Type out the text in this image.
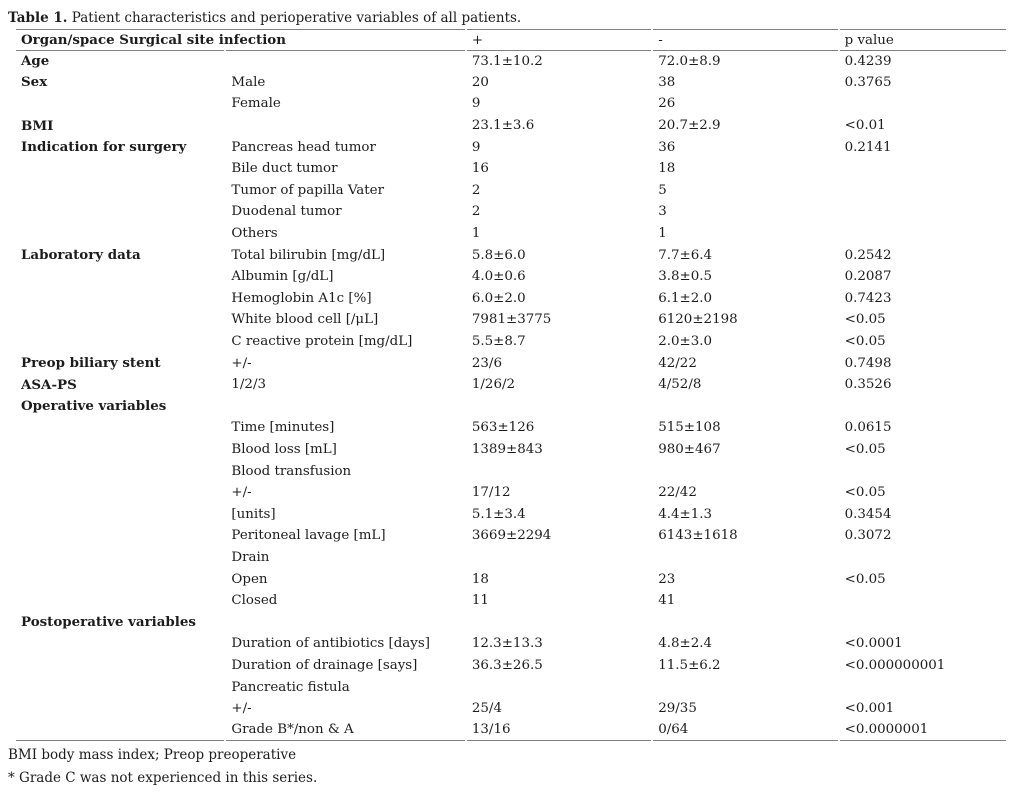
Table 1. Patient characteristics and perioperative variables of all patients.

Organ/space Surgical site infection		+	-	p value
Age		73.1±10.2	72.0±8.9	0.4239
Sex	Male	20	38	0.3765
	Female	9	26	
BMI		23.1±3.6	20.7±2.9	<0.01
Indication for surgery	Pancreas head tumor	9	36	0.2141
	Bile duct tumor	16	18	
	Tumor of papilla Vater	2	5	
	Duodenal tumor	2	3	
	Others	1	1	
Laboratory data	Total bilirubin [mg/dL]	5.8±6.0	7.7±6.4	0.2542
	Albumin [g/dL]	4.0±0.6	3.8±0.5	0.2087
	Hemoglobin A1c [%]	6.0±2.0	6.1±2.0	0.7423
	White blood cell [/μL]	7981±3775	6120±2198	<0.05
	C reactive protein [mg/dL]	5.5±8.7	2.0±3.0	<0.05
Preop biliary stent	+/-	23/6	42/22	0.7498
ASA-PS	1/2/3	1/26/2	4/52/8	0.3526
Operative variables				
	Time [minutes]	563±126	515±108	0.0615
	Blood loss [mL]	1389±843	980±467	<0.05
	Blood transfusion			
	+/-	17/12	22/42	<0.05
	[units]	5.1±3.4	4.4±1.3	0.3454
	Peritoneal lavage [mL]	3669±2294	6143±1618	0.3072
	Drain			
	Open	18	23	<0.05
	Closed	11	41	
Postoperative variables				
	Duration of antibiotics [days]	12.3±13.3	4.8±2.4	<0.0001
	Duration of drainage [says]	36.3±26.5	11.5±6.2	<0.000000001
	Pancreatic fistula			
	+/-	25/4	29/35	<0.001
	Grade B*/non & A	13/16	0/64	<0.0000001

BMI body mass index; Preop preoperative

* Grade C was not experienced in this series.
